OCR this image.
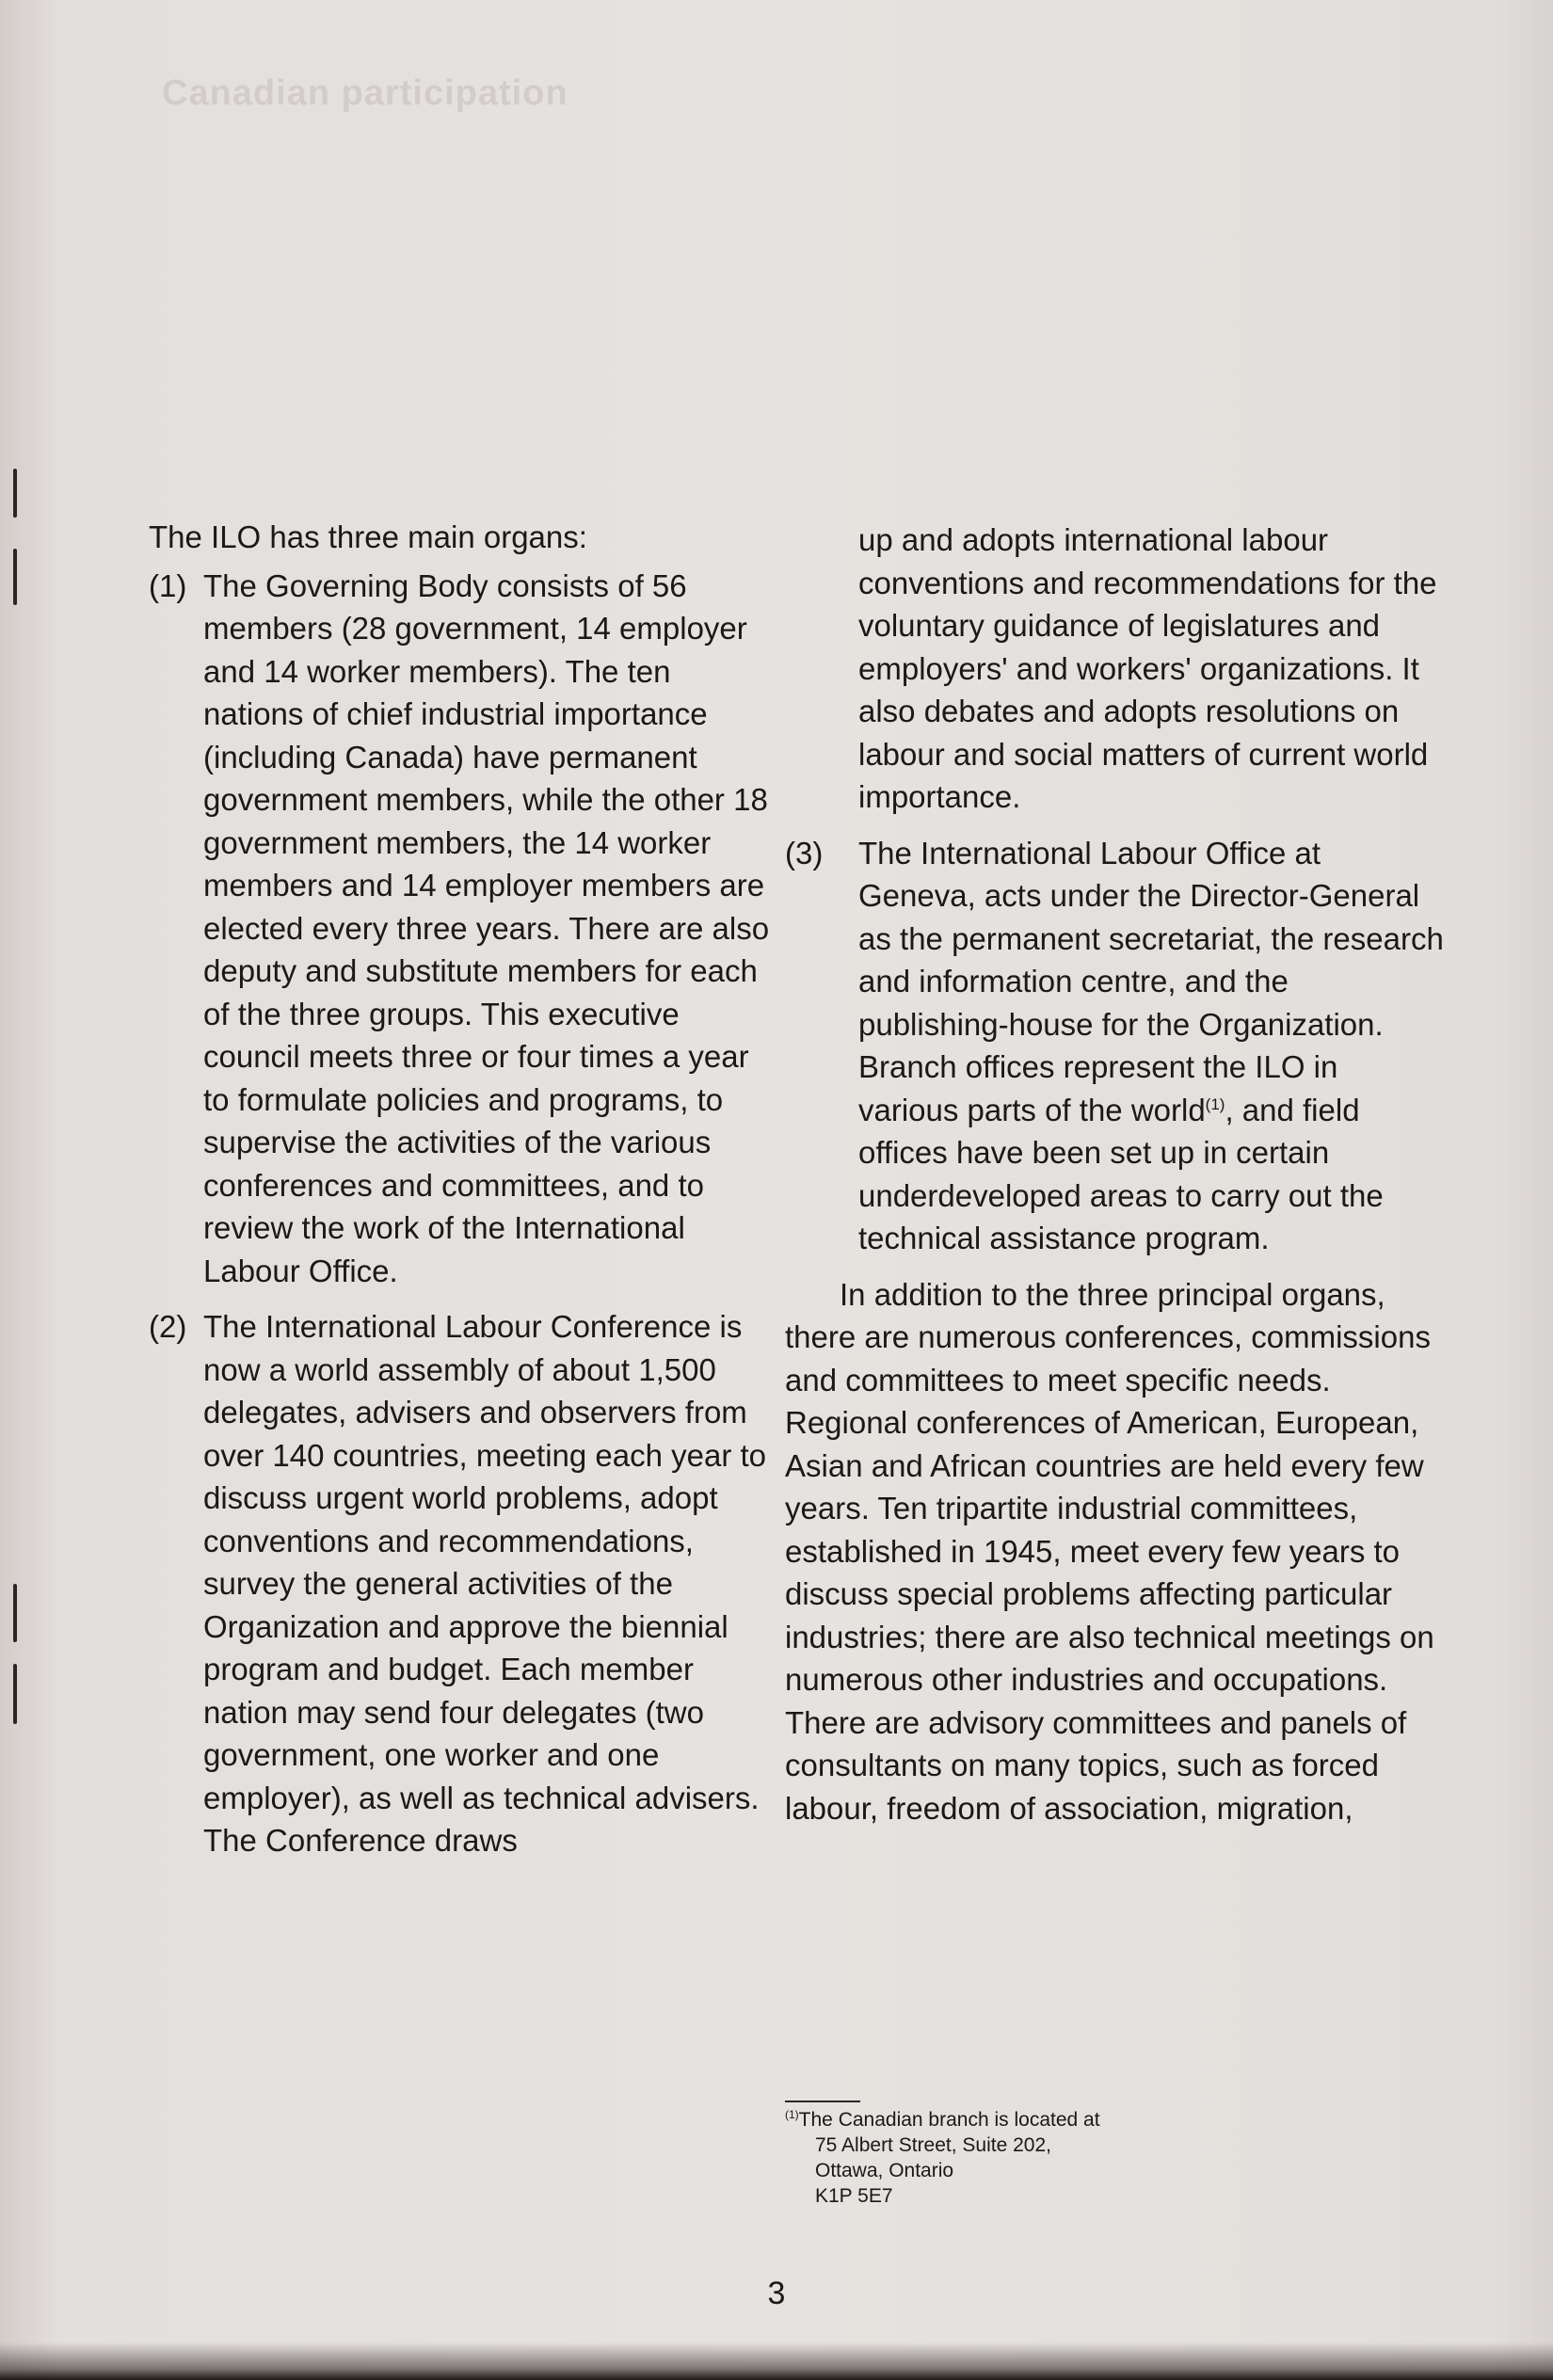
Canadian participation

The ILO has three main organs:

(1) The Governing Body consists of 56 members (28 government, 14 employer and 14 worker members). The ten nations of chief industrial importance (including Canada) have permanent government members, while the other 18 government members, the 14 worker members and 14 employer members are elected every three years. There are also deputy and substitute members for each of the three groups. This executive council meets three or four times a year to formulate policies and programs, to supervise the activities of the various conferences and committees, and to review the work of the International Labour Office.

(2) The International Labour Conference is now a world assembly of about 1,500 delegates, advisers and observers from over 140 countries, meeting each year to discuss urgent world problems, adopt conventions and recommendations, survey the general activities of the Organization and approve the biennial program and budget. Each member nation may send four delegates (two government, one worker and one employer), as well as technical advisers. The Conference draws

up and adopts international labour conventions and recommendations for the voluntary guidance of legislatures and employers' and workers' organizations. It also debates and adopts resolutions on labour and social matters of current world importance.

(3) The International Labour Office at Geneva, acts under the Director-General as the permanent secretariat, the research and information centre, and the publishing-house for the Organization. Branch offices represent the ILO in various parts of the world$^{(1)}$, and field offices have been set up in certain underdeveloped areas to carry out the technical assistance program.

In addition to the three principal organs, there are numerous conferences, commissions and committees to meet specific needs. Regional conferences of American, European, Asian and African countries are held every few years. Ten tripartite industrial committees, established in 1945, meet every few years to discuss special problems affecting particular industries; there are also technical meetings on numerous other industries and occupations. There are advisory committees and panels of consultants on many topics, such as forced labour, freedom of association, migration,

$^{(1)}$The Canadian branch is located at
75 Albert Street, Suite 202,
Ottawa, Ontario
K1P 5E7
3
